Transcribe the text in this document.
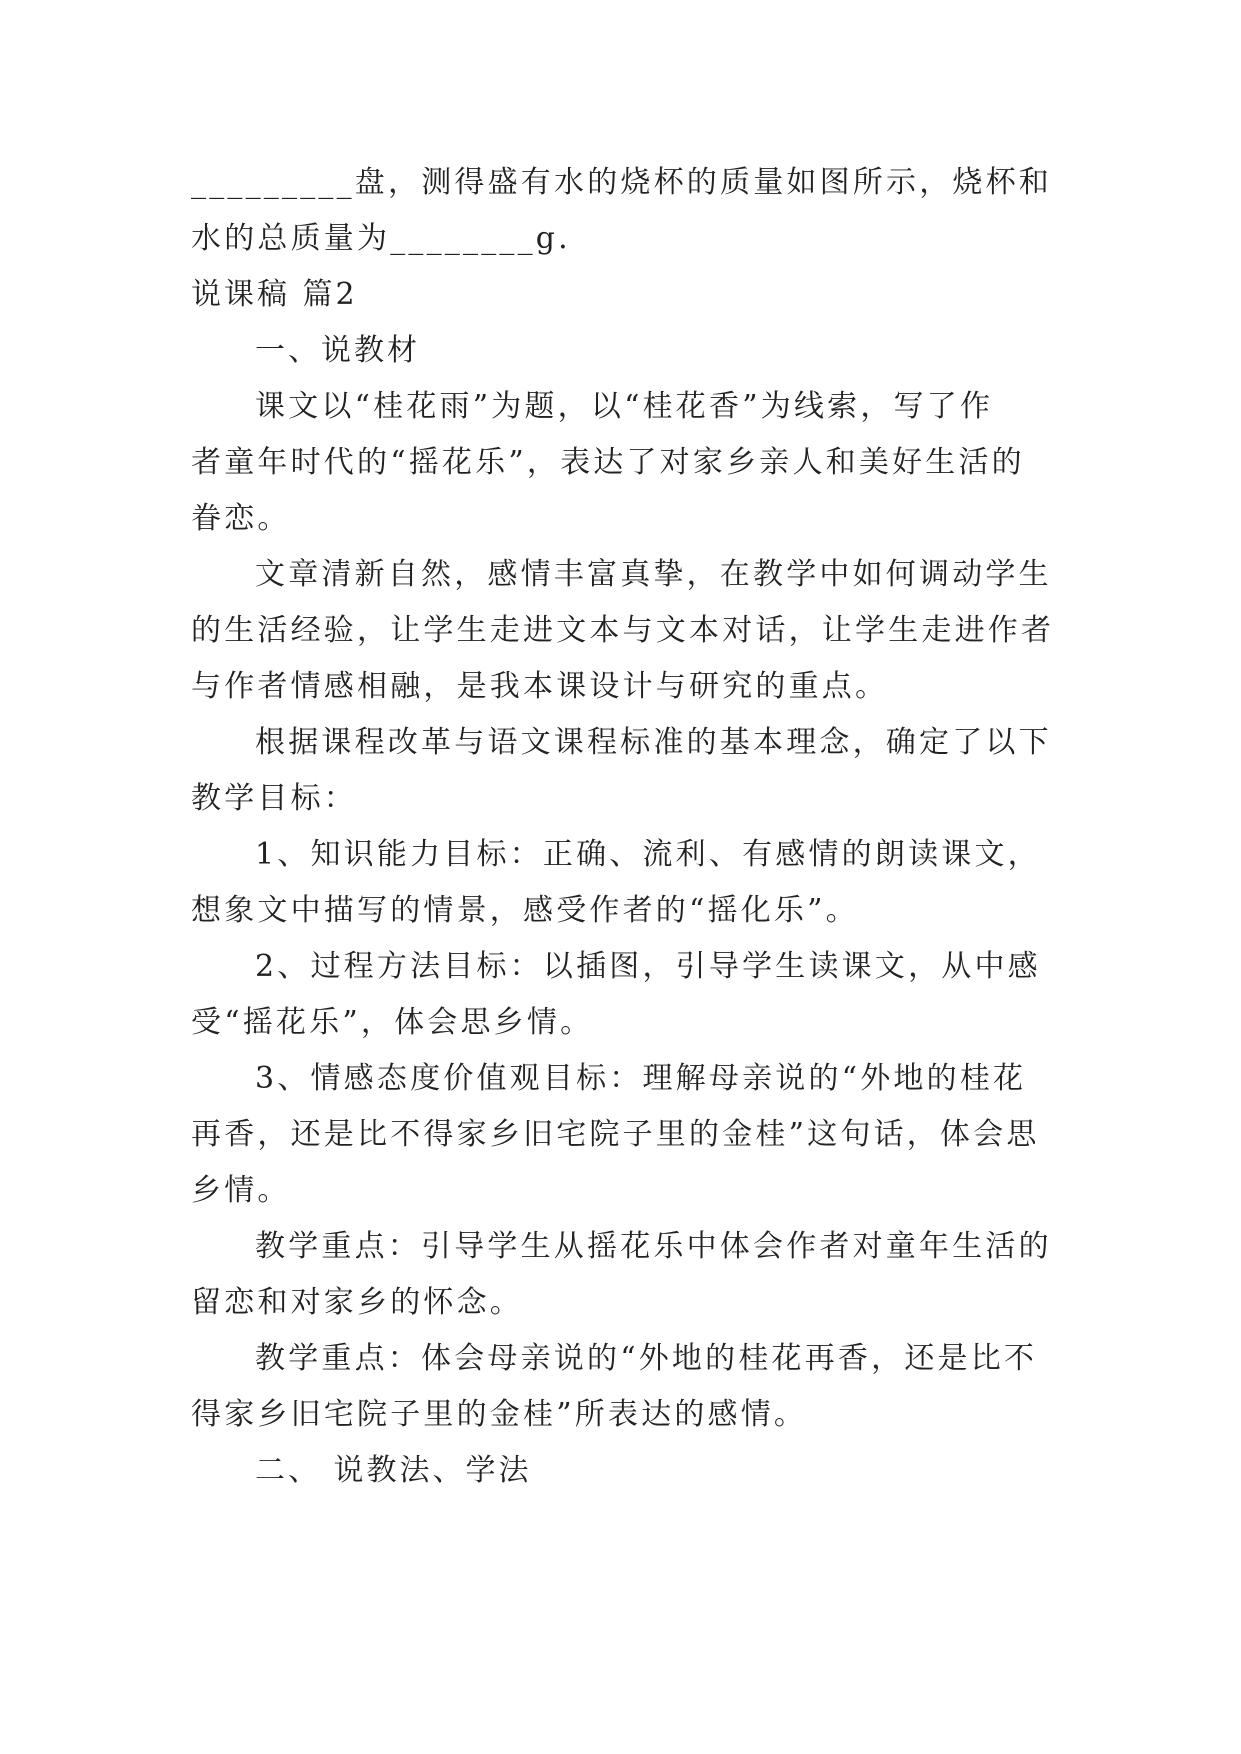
_________盘，测得盛有水的烧杯的质量如图所示，烧杯和
水的总质量为________g．
说课稿 篇2
一、说教材
课文以“桂花雨”为题，以“桂花香”为线索，写了作
者童年时代的“摇花乐”，表达了对家乡亲人和美好生活的
眷恋。
文章清新自然，感情丰富真挚，在教学中如何调动学生
的生活经验，让学生走进文本与文本对话，让学生走进作者
与作者情感相融，是我本课设计与研究的重点。
根据课程改革与语文课程标准的基本理念，确定了以下
教学目标：
1、知识能力目标：正确、流利、有感情的朗读课文，
想象文中描写的情景，感受作者的“摇化乐”。
2、过程方法目标：以插图，引导学生读课文，从中感
受“摇花乐”，体会思乡情。
3、情感态度价值观目标：理解母亲说的“外地的桂花
再香，还是比不得家乡旧宅院子里的金桂”这句话，体会思
乡情。
教学重点：引导学生从摇花乐中体会作者对童年生活的
留恋和对家乡的怀念。
教学重点：体会母亲说的“外地的桂花再香，还是比不
得家乡旧宅院子里的金桂”所表达的感情。
二、 说教法、学法
